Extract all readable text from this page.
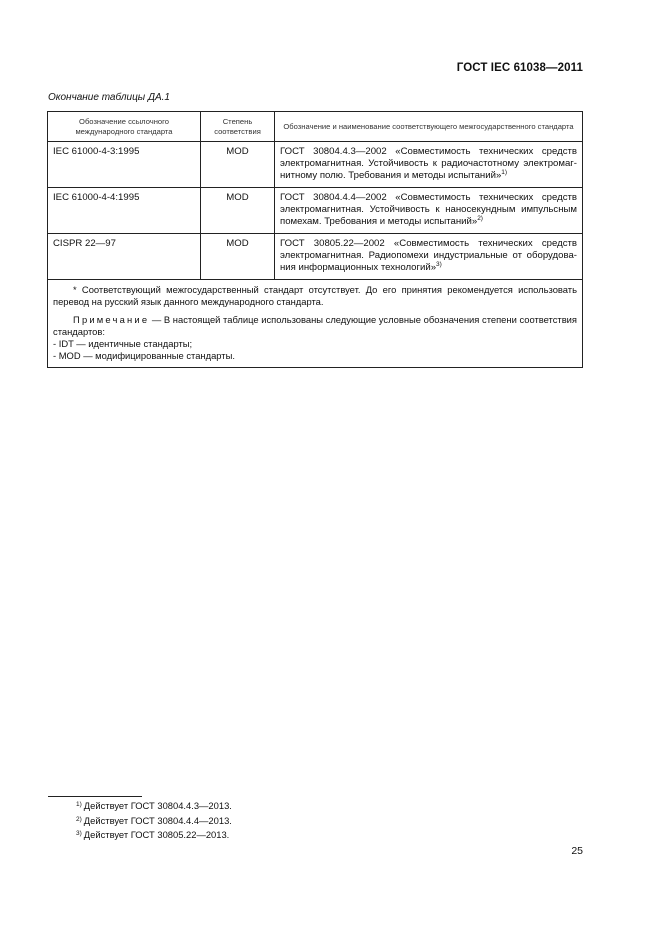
ГОСТ IEC 61038—2011
Окончание таблицы ДА.1
Обозначение ссылочного международного стандарта	Степень соответствия	Обозначение и наименование соответствующего межгосударственного стандарта
IEC 61000-4-3:1995	MOD	ГОСТ 30804.4.3—2002 «Совместимость технических средств электромагнитная. Устойчивость к радиочастотному электромагнитному полю. Требования и методы испытаний»$^{1)}$
IEC 61000-4-4:1995	MOD	ГОСТ 30804.4.4—2002 «Совместимость технических средств электромагнитная. Устойчивость к наносекундным импульсным помехам. Требования и методы испытаний»$^{2)}$
CISPR 22—97	MOD	ГОСТ 30805.22—2002 «Совместимость технических средств электромагнитная. Радиопомехи индустриальные от оборудования информационных технологий»$^{3)}$

* Соответствующий межгосударственный стандарт отсутствует. До его принятия рекомендуется использовать перевод на русский язык данного международного стандарта.

Примечание — В настоящей таблице использованы следующие условные обозначения степени соответствия стандартов:

- IDT — идентичные стандарты;

- MOD — модифицированные стандарты.		

$^{1)}$ Действует ГОСТ 30804.4.3—2013.
$^{2)}$ Действует ГОСТ 30804.4.4—2013.
$^{3)}$ Действует ГОСТ 30805.22—2013.
25
